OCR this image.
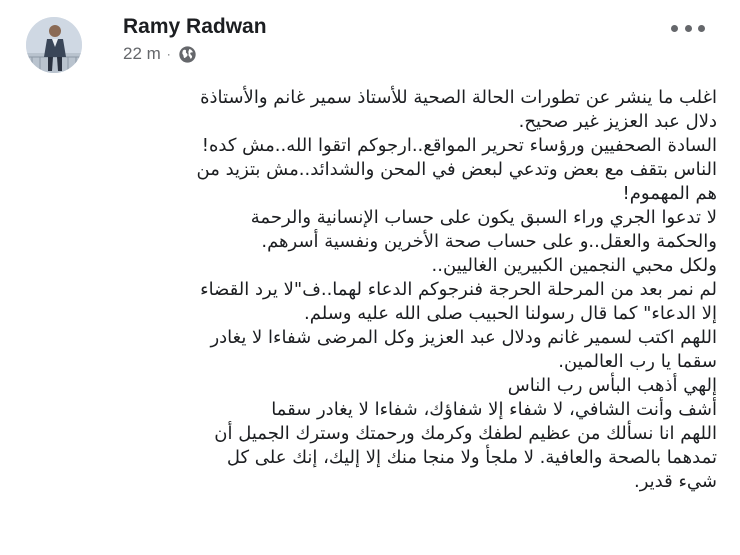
Ramy Radwan
22 m ·
اغلب ما ينشر عن تطورات الحالة الصحية للأستاذ سمير غانم والأستاذة
دلال عبد العزيز غير صحيح.
السادة الصحفيين ورؤساء تحرير المواقع..ارجوكم اتقوا الله..مش كده!
الناس بتقف مع بعض وتدعي لبعض في المحن والشدائد..مش بتزيد من
هم المهموم!
لا تدعوا الجري وراء السبق يكون على حساب الإنسانية والرحمة
والحكمة والعقل..و على حساب صحة الأخرين ونفسية أسرهم.
ولكل محبي النجمين الكبيرين الغاليين..
لم نمر بعد من المرحلة الحرجة فنرجوكم الدعاء لهما..ف"لا يرد القضاء
إلا الدعاء" كما قال رسولنا الحبيب صلى الله عليه وسلم.
اللهم اكتب لسمير غانم ودلال عبد العزيز وكل المرضى شفاءا لا يغادر
سقما يا رب العالمين.
إلهي أذهب البأس رب الناس
أشف وأنت الشافي، لا شفاء إلا شفاؤك، شفاءا لا يغادر سقما
اللهم انا نسألك من عظيم لطفك وكرمك ورحمتك وسترك الجميل أن
تمدهما بالصحة والعافية. لا ملجأ ولا منجا منك إلا إليك، إنك على كل
شيء قدير.
